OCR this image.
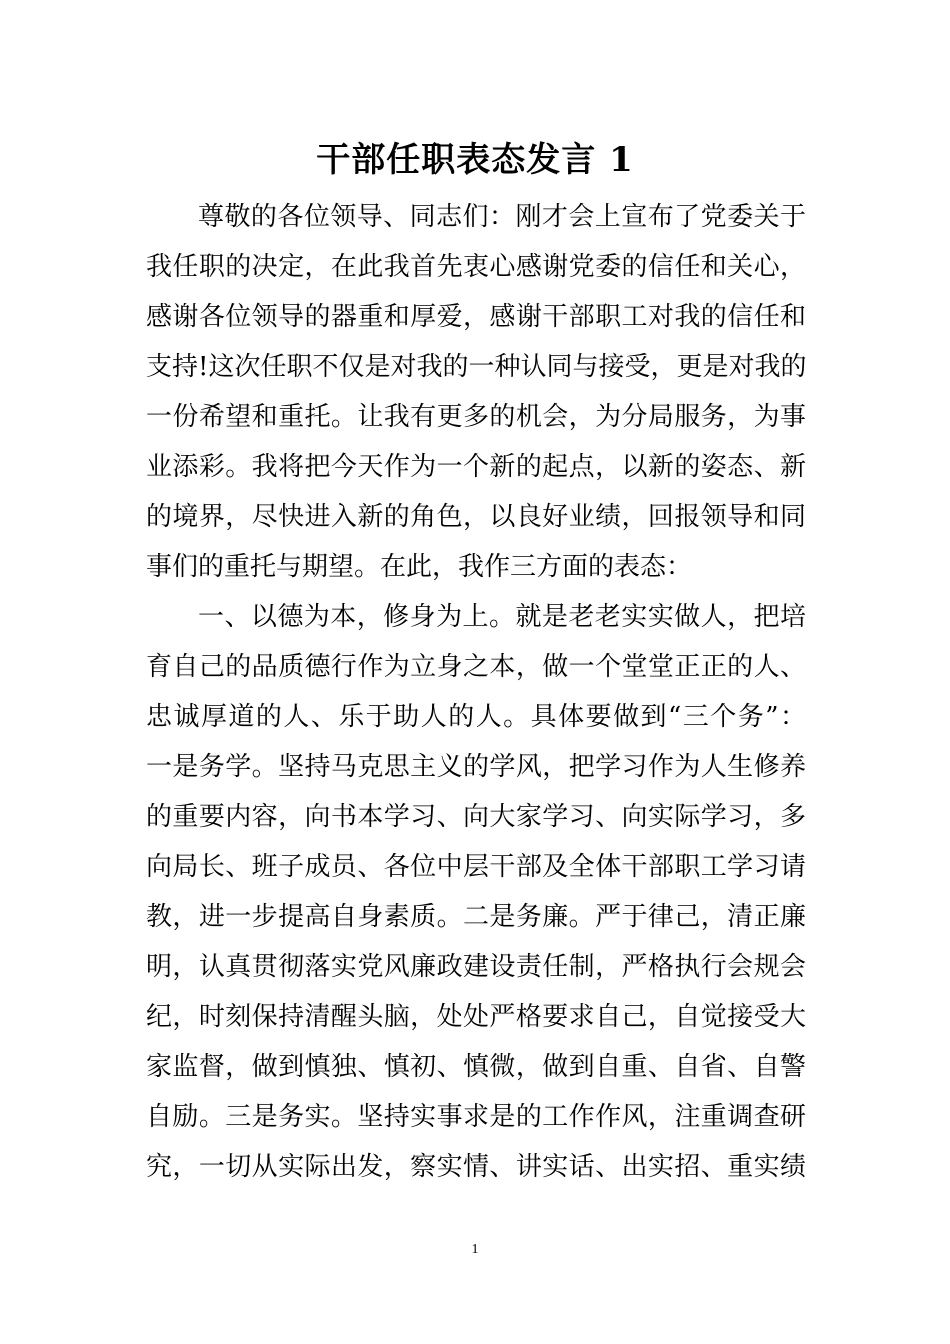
干部任职表态发言 1
尊敬的各位领导、同志们：刚才会上宣布了党委关于
我任职的决定，在此我首先衷心感谢党委的信任和关心，
感谢各位领导的器重和厚爱，感谢干部职工对我的信任和
支持!这次任职不仅是对我的一种认同与接受，更是对我的
一份希望和重托。让我有更多的机会，为分局服务，为事
业添彩。我将把今天作为一个新的起点，以新的姿态、新
的境界，尽快进入新的角色，以良好业绩，回报领导和同
事们的重托与期望。在此，我作三方面的表态：
一、以德为本，修身为上。就是老老实实做人，把培
育自己的品质德行作为立身之本，做一个堂堂正正的人、
忠诚厚道的人、乐于助人的人。具体要做到“三个务”：
一是务学。坚持马克思主义的学风，把学习作为人生修养
的重要内容，向书本学习、向大家学习、向实际学习，多
向局长、班子成员、各位中层干部及全体干部职工学习请
教，进一步提高自身素质。二是务廉。严于律己，清正廉
明，认真贯彻落实党风廉政建设责任制，严格执行会规会
纪，时刻保持清醒头脑，处处严格要求自己，自觉接受大
家监督，做到慎独、慎初、慎微，做到自重、自省、自警
自励。三是务实。坚持实事求是的工作作风，注重调查研
究，一切从实际出发，察实情、讲实话、出实招、重实绩
1
